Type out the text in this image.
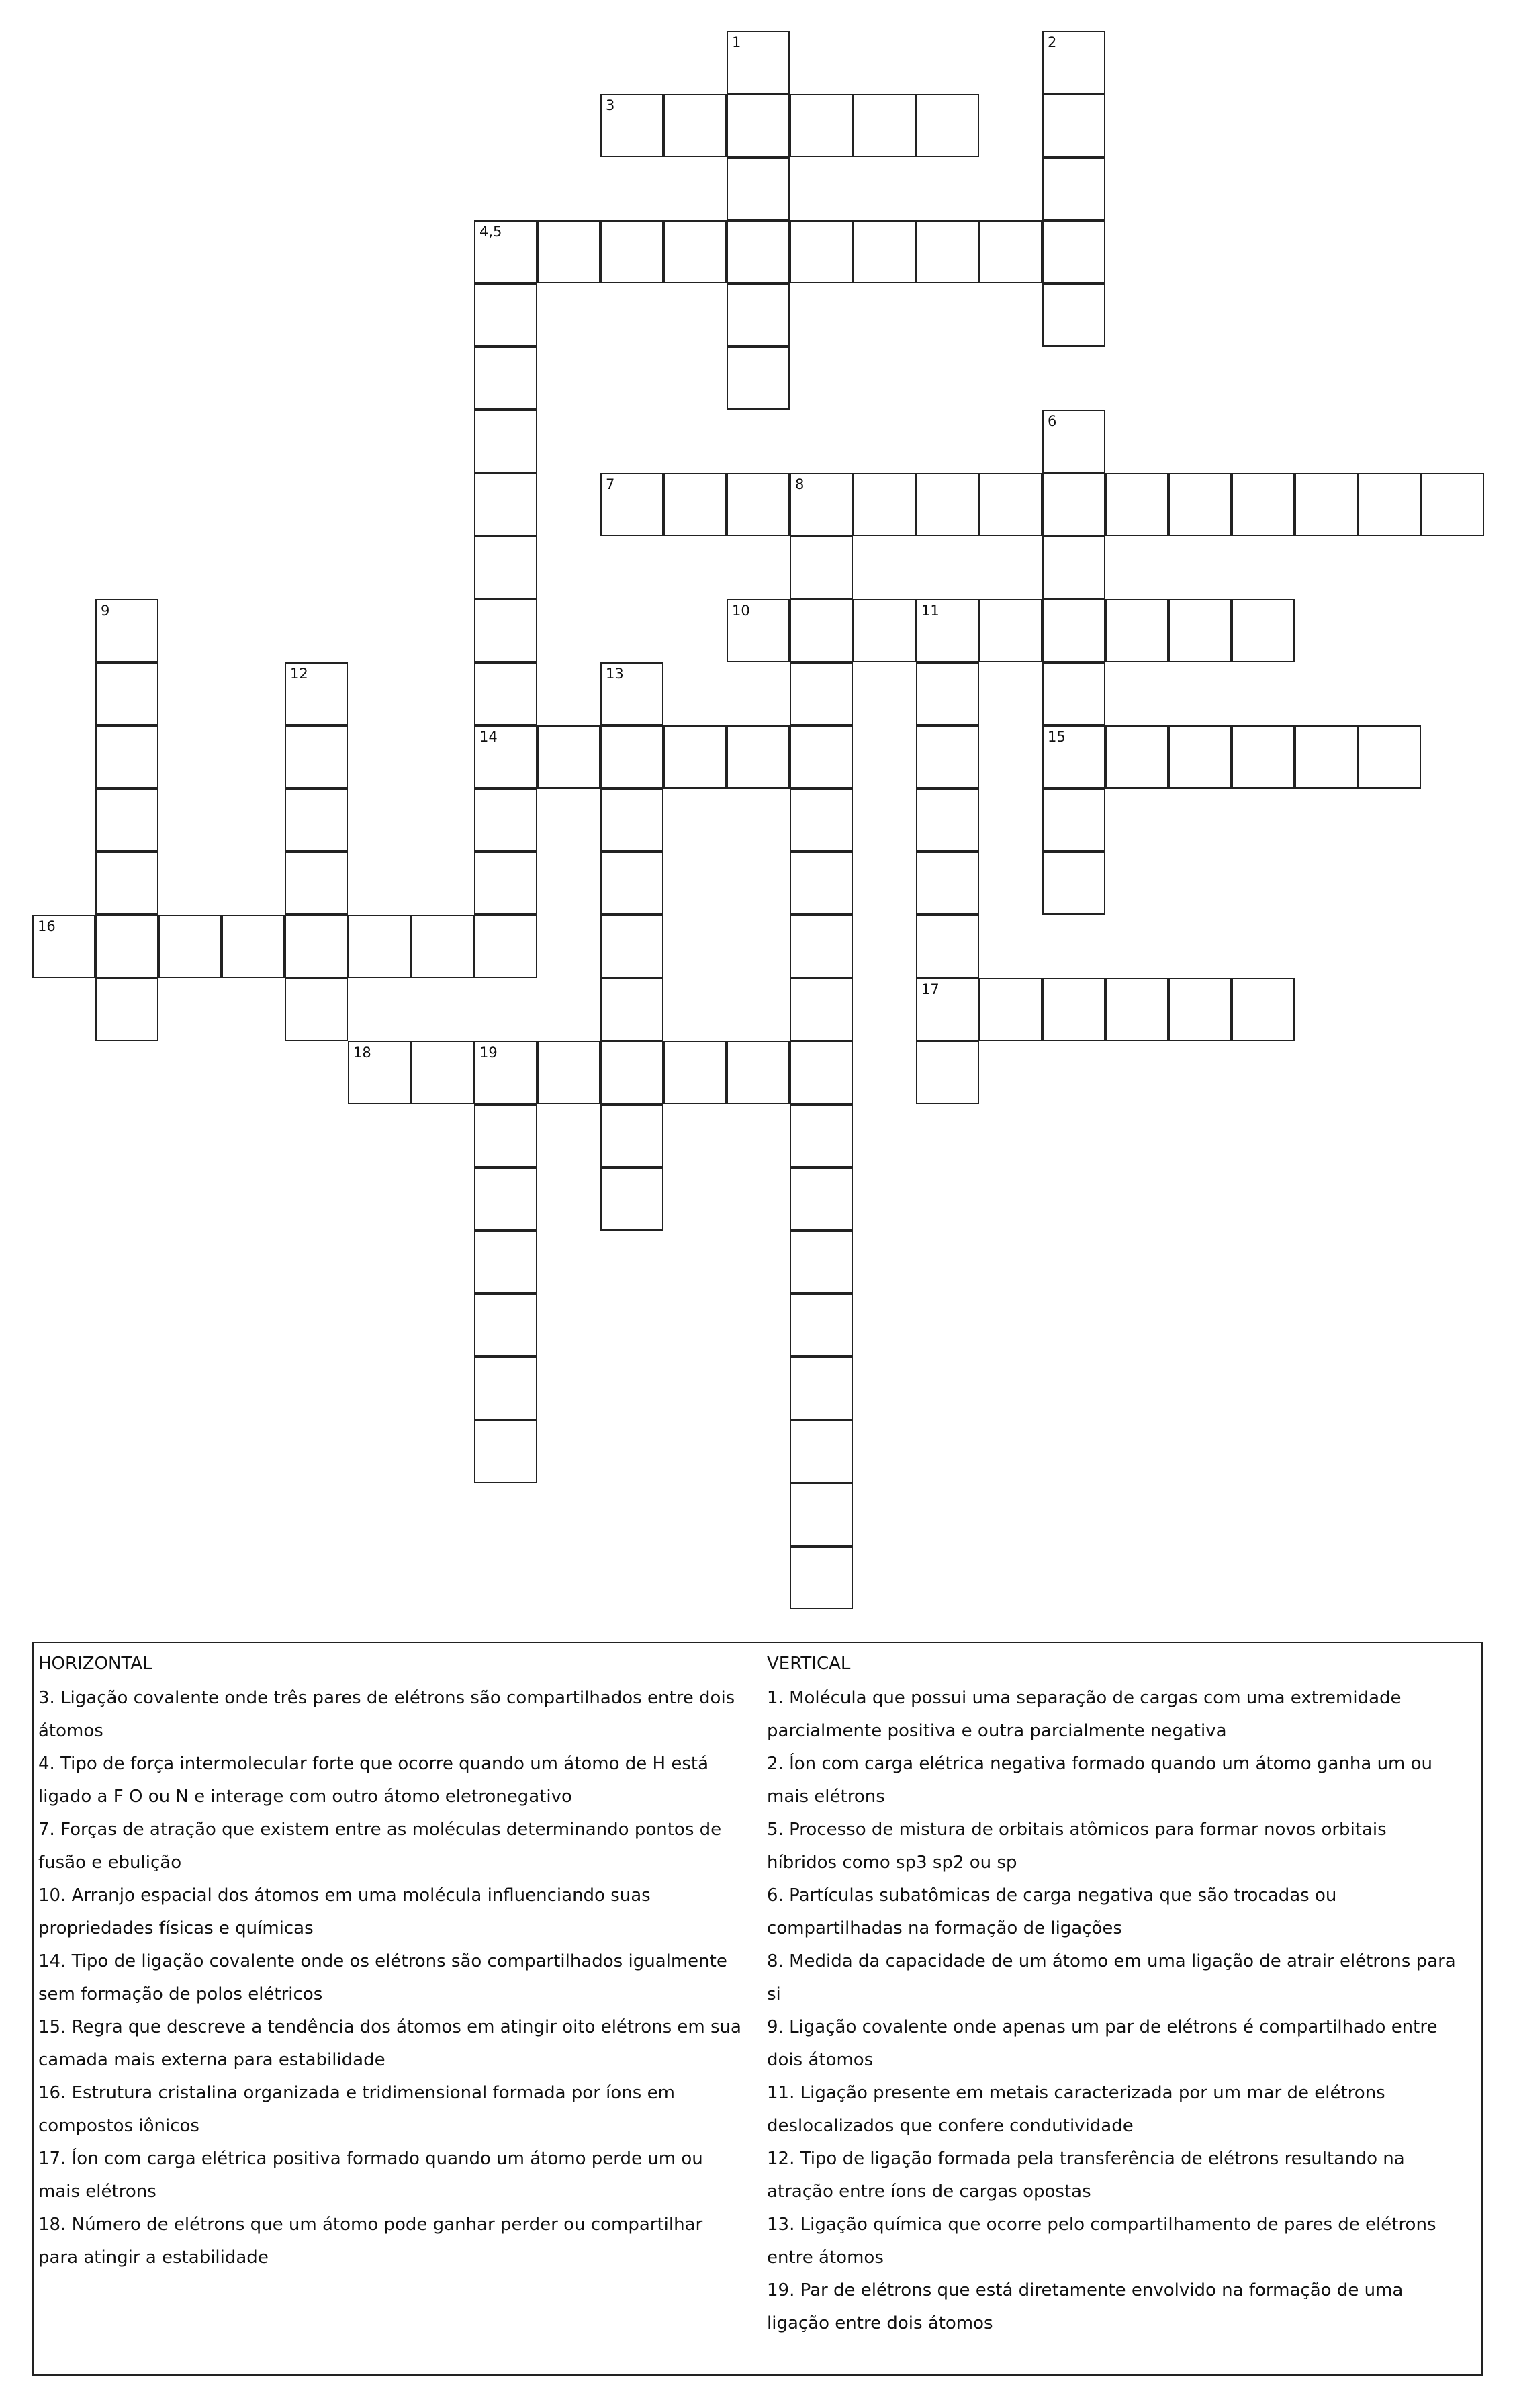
1	2
3
4,5
14
6
15
7	8
9	10	11
17
12	13
16
18	19
HORIZONTAL

3. Ligação covalente onde três pares de elétrons são compartilhados entre dois

átomos

4. Tipo de força intermolecular forte que ocorre quando um átomo de H está

ligado a F O ou N e interage com outro átomo eletronegativo

7. Forças de atração que existem entre as moléculas determinando pontos de

fusão e ebulição

10. Arranjo espacial dos átomos em uma molécula influenciando suas

propriedades físicas e químicas

14. Tipo de ligação covalente onde os elétrons são compartilhados igualmente

sem formação de polos elétricos

15. Regra que descreve a tendência dos átomos em atingir oito elétrons em sua

camada mais externa para estabilidade

16. Estrutura cristalina organizada e tridimensional formada por íons em

compostos iônicos

17. Íon com carga elétrica positiva formado quando um átomo perde um ou

mais elétrons

18. Número de elétrons que um átomo pode ganhar perder ou compartilhar

para atingir a estabilidade

VERTICAL

1. Molécula que possui uma separação de cargas com uma extremidade

parcialmente positiva e outra parcialmente negativa

2. Íon com carga elétrica negativa formado quando um átomo ganha um ou

mais elétrons

5. Processo de mistura de orbitais atômicos para formar novos orbitais

híbridos como sp3 sp2 ou sp

6. Partículas subatômicas de carga negativa que são trocadas ou

compartilhadas na formação de ligações

8. Medida da capacidade de um átomo em uma ligação de atrair elétrons para

si

9. Ligação covalente onde apenas um par de elétrons é compartilhado entre

dois átomos

11. Ligação presente em metais caracterizada por um mar de elétrons

deslocalizados que confere condutividade

12. Tipo de ligação formada pela transferência de elétrons resultando na

atração entre íons de cargas opostas

13. Ligação química que ocorre pelo compartilhamento de pares de elétrons

entre átomos

19. Par de elétrons que está diretamente envolvido na formação de uma

ligação entre dois átomos
